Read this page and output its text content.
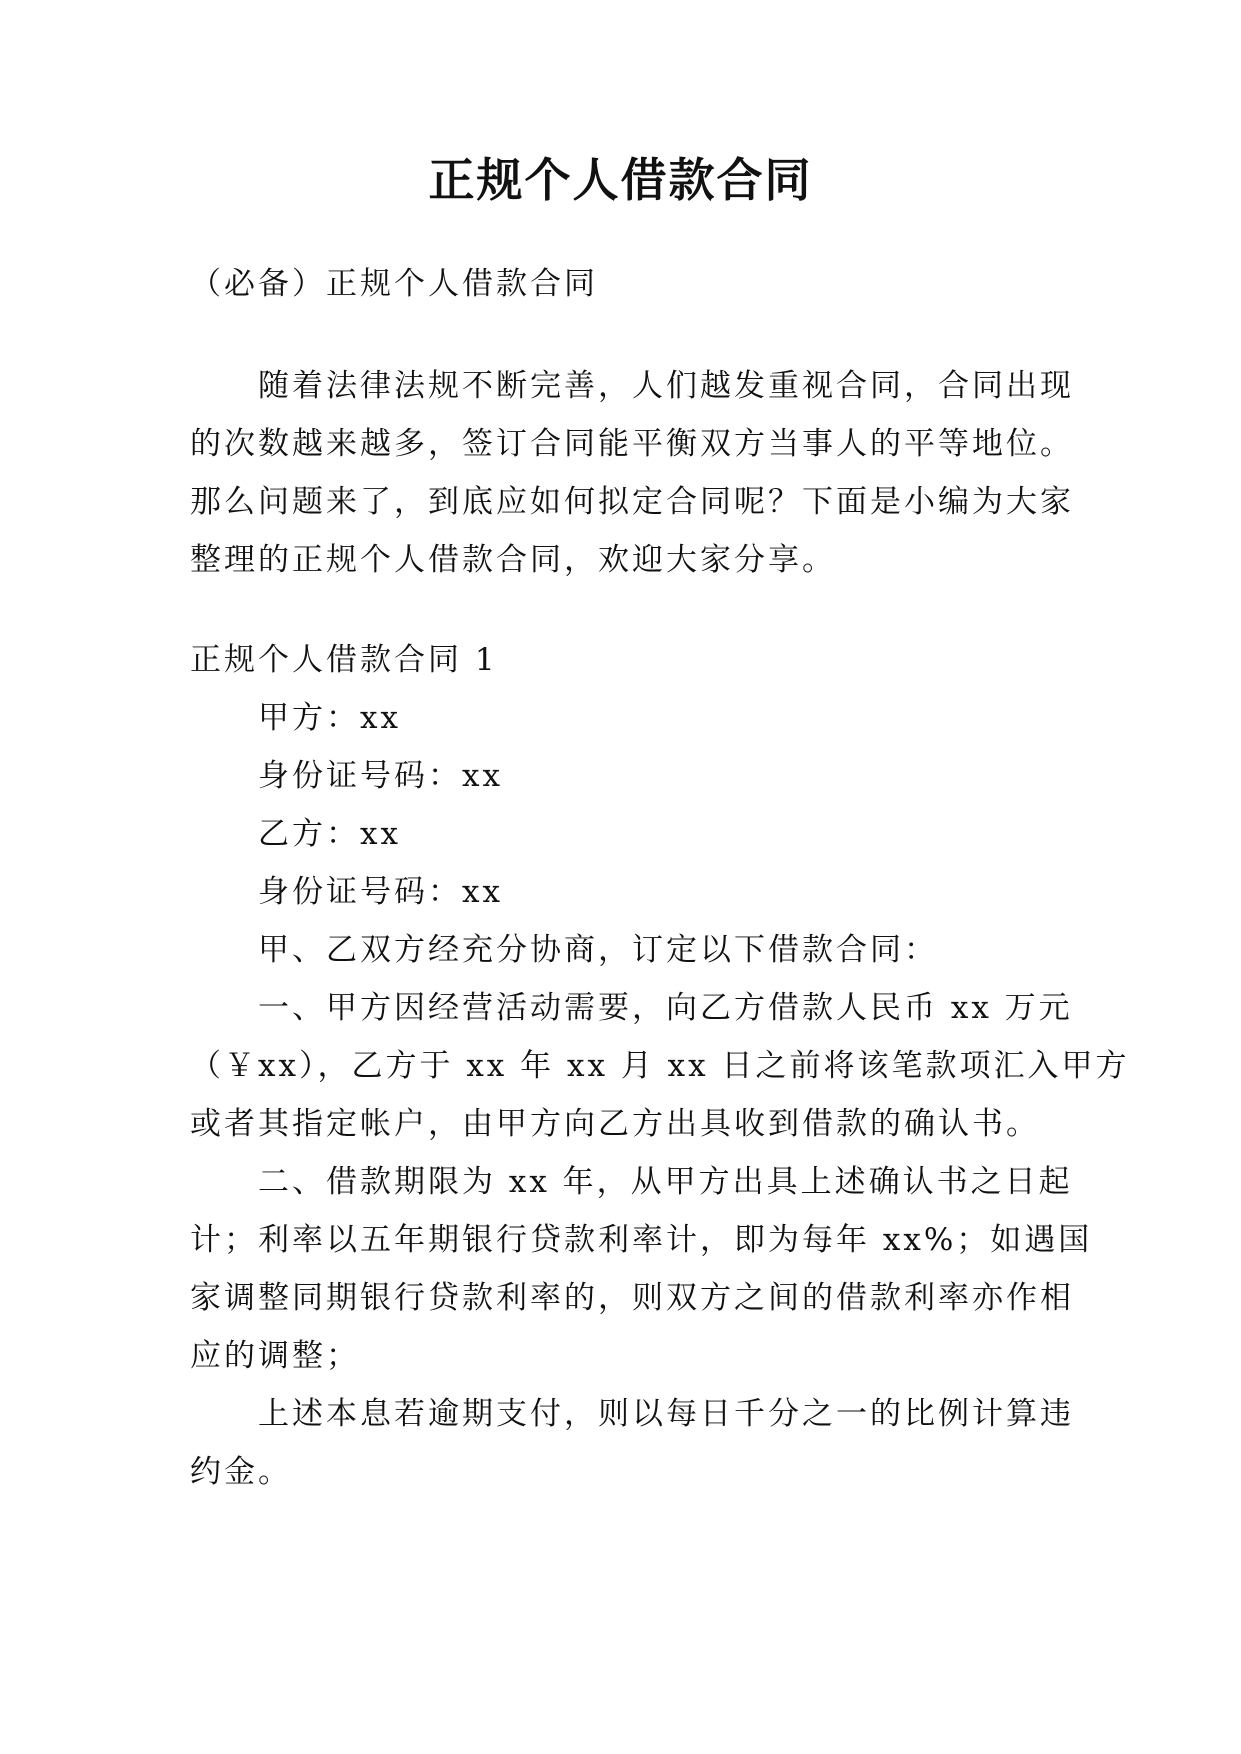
正规个人借款合同

（必备）正规个人借款合同

随着法律法规不断完善，人们越发重视合同，合同出现

的次数越来越多，签订合同能平衡双方当事人的平等地位。

那么问题来了，到底应如何拟定合同呢？下面是小编为大家

整理的正规个人借款合同，欢迎大家分享。

正规个人借款合同 1

甲方：xx

身份证号码：xx

乙方：xx

身份证号码：xx

甲、乙双方经充分协商，订定以下借款合同：

一、甲方因经营活动需要，向乙方借款人民币 xx 万元

（￥xx），乙方于 xx 年 xx 月 xx 日之前将该笔款项汇入甲方

或者其指定帐户，由甲方向乙方出具收到借款的确认书。

二、借款期限为 xx 年，从甲方出具上述确认书之日起

计；利率以五年期银行贷款利率计，即为每年 xx%；如遇国

家调整同期银行贷款利率的，则双方之间的借款利率亦作相

应的调整；

上述本息若逾期支付，则以每日千分之一的比例计算违

约金。
